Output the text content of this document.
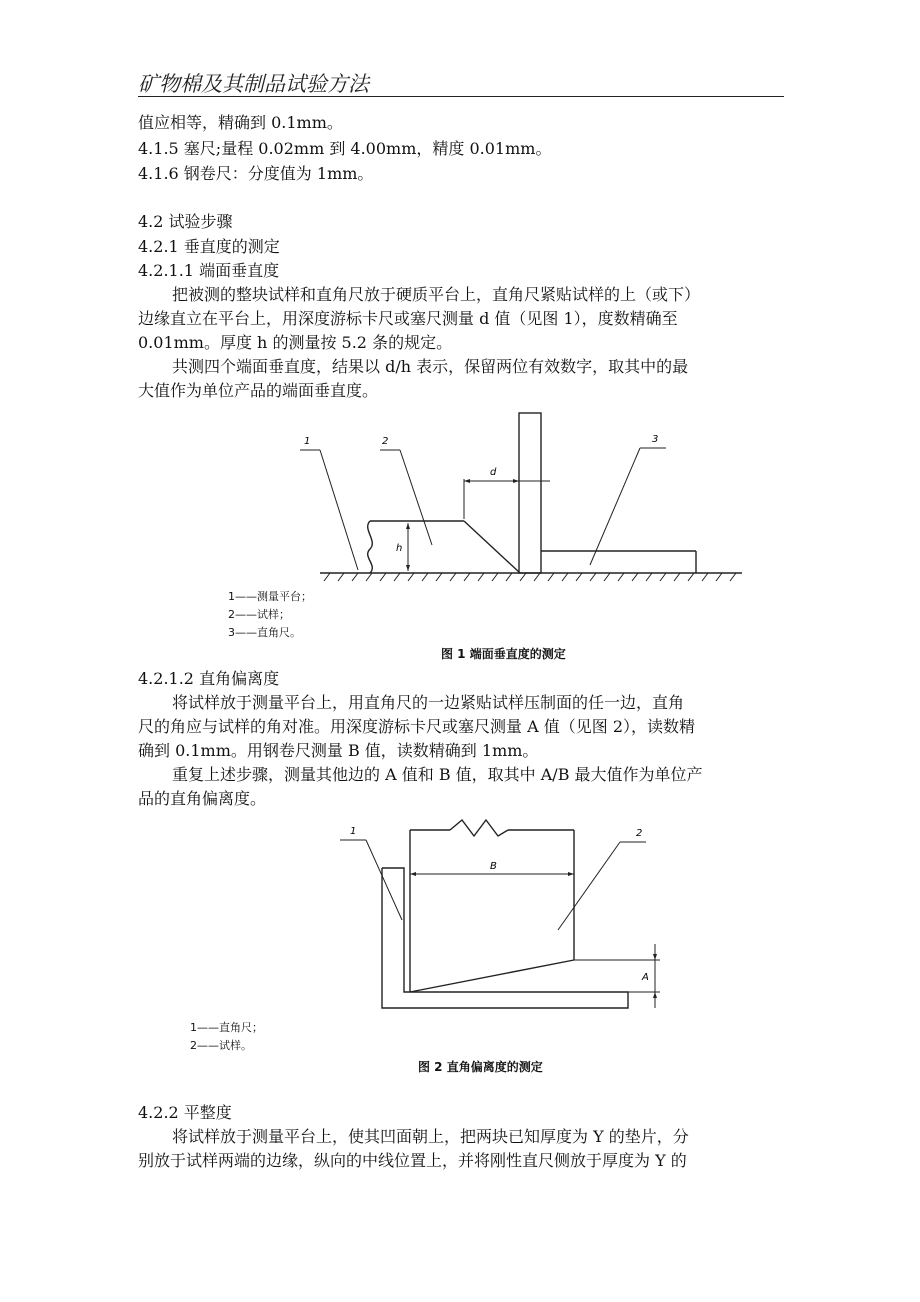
矿物棉及其制品试验方法
值应相等，精确到 0.1mm。
4.1.5 塞尺;量程 0.02mm 到 4.00mm，精度 0.01mm。
4.1.6 钢卷尺：分度值为 1mm。
4.2 试验步骤
4.2.1 垂直度的测定
4.2.1.1 端面垂直度
把被测的整块试样和直角尺放于硬质平台上，直角尺紧贴试样的上（或下）
边缘直立在平台上，用深度游标卡尺或塞尺测量 d 值（见图 1），度数精确至
0.01mm。厚度 h 的测量按 5.2 条的规定。
共测四个端面垂直度，结果以 d/h 表示，保留两位有效数字，取其中的最
大值作为单位产品的端面垂直度。
1	2	3
d
h
1——测量平台；
2——试样；
3——直角尺。
图 1 端面垂直度的测定
4.2.1.2 直角偏离度
将试样放于测量平台上，用直角尺的一边紧贴试样压制面的任一边，直角
尺的角应与试样的角对准。用深度游标卡尺或塞尺测量 A 值（见图 2），读数精
确到 0.1mm。用钢卷尺测量 B 值，读数精确到 1mm。
重复上述步骤，测量其他边的 A 值和 B 值，取其中 A/B 最大值作为单位产
品的直角偏离度。
1	2
B
A
1——直角尺；
2——试样。
图 2 直角偏离度的测定
4.2.2 平整度
将试样放于测量平台上，使其凹面朝上，把两块已知厚度为 Y 的垫片，分
别放于试样两端的边缘，纵向的中线位置上，并将刚性直尺侧放于厚度为 Y 的
